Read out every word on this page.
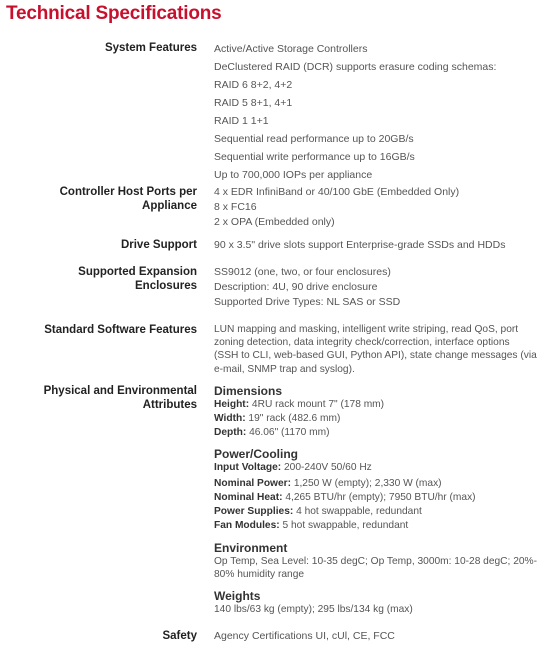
Technical Specifications
System Features Active/Active Storage Controllers
DeClustered RAID (DCR) supports erasure coding schemas:
RAID 6 8+2, 4+2
RAID 5 8+1, 4+1
RAID 1 1+1
Sequential read performance up to 20GB/s
Sequential write performance up to 16GB/s
Up to 700,000 IOPs per appliance
Controller Host Ports per
Appliance
4 x EDR InfiniBand or 40/100 GbE (Embedded Only)
8 x FC16
2 x OPA (Embedded only)
Drive Support 90 x 3.5" drive slots support Enterprise-grade SSDs and HDDs
Supported Expansion
Enclosures
SS9012 (one, two, or four enclosures)
Description: 4U, 90 drive enclosure
Supported Drive Types: NL SAS or SSD
Standard Software Features LUN mapping and masking, intelligent write striping, read QoS, port
zoning detection, data integrity check/correction, interface options
(SSH to CLI, web-based GUI, Python API), state change messages (via
e-mail, SNMP trap and syslog).
Physical and Environmental
Attributes
Dimensions
Height: 4RU rack mount 7" (178 mm)
Width: 19" rack (482.6 mm)
Depth: 46.06" (1170 mm)
Power/Cooling
Input Voltage: 200-240V 50/60 Hz
Nominal Power: 1,250 W (empty); 2,330 W (max)
Nominal Heat: 4,265 BTU/hr (empty); 7950 BTU/hr (max)
Power Supplies: 4 hot swappable, redundant
Fan Modules: 5 hot swappable, redundant
Environment
Op Temp, Sea Level: 10-35 degC; Op Temp, 3000m: 10-28 degC; 20%-
80% humidity range
Weights
140 lbs/63 kg (empty); 295 lbs/134 kg (max)
Safety Agency Certifications UI, cUl, CE, FCC
